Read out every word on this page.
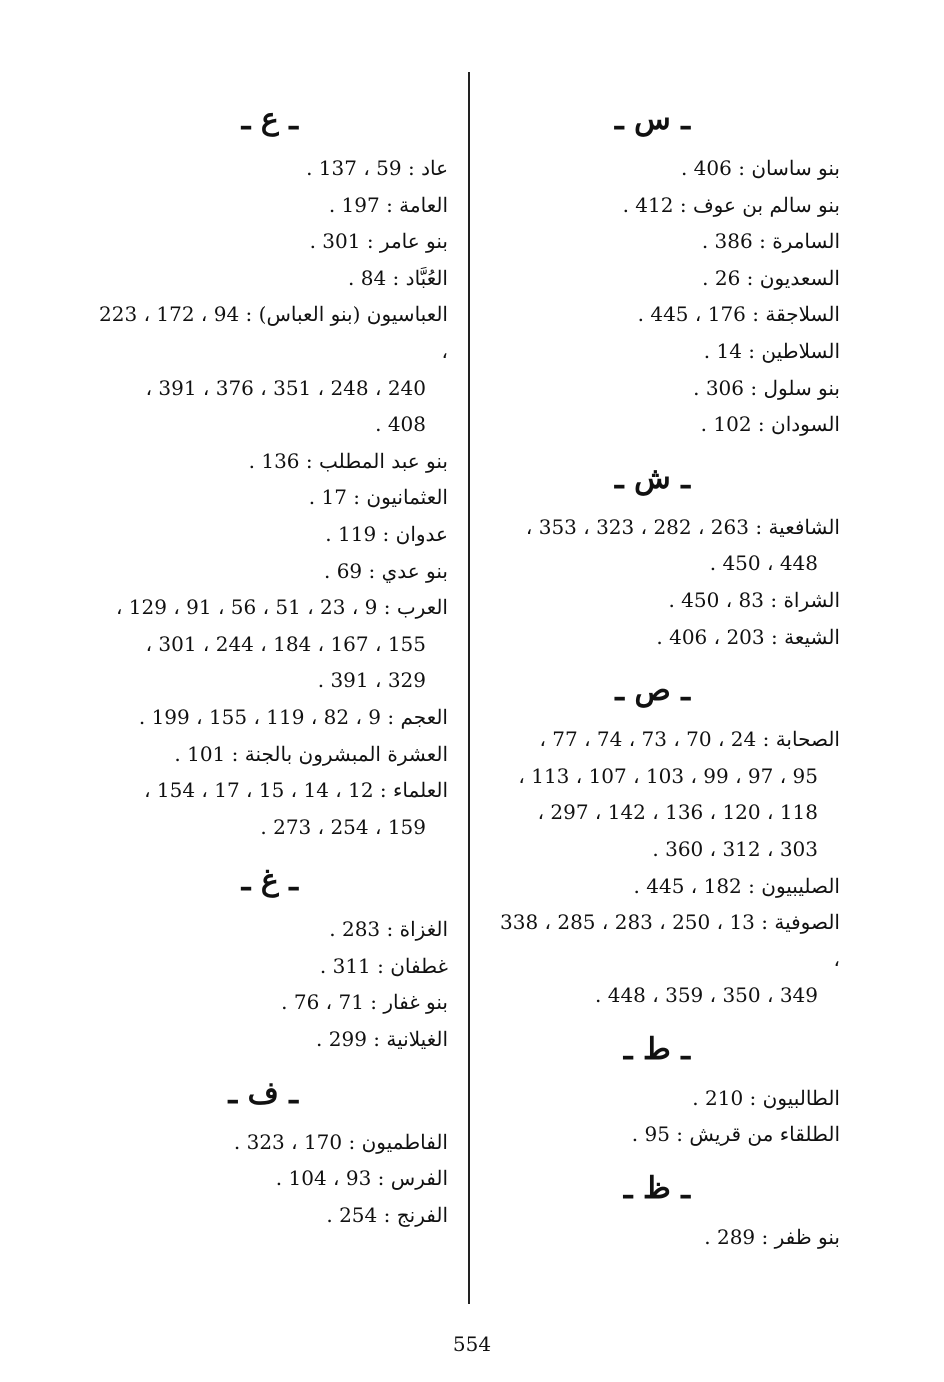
ـ س ـ
بنو ساسان : 406 .
بنو سالم بن عوف : 412 .
السامرة : 386 .
السعديون : 26 .
السلاجقة : 176 ، 445 .
السلاطين : 14 .
بنو سلول : 306 .
السودان : 102 .
ـ ش ـ
الشافعية : 263 ، 282 ، 323 ، 353 ،
448 ، 450 .
الشراة : 83 ، 450 .
الشيعة : 203 ، 406 .
ـ ص ـ
الصحابة : 24 ، 70 ، 73 ، 74 ، 77 ،
95 ، 97 ، 99 ، 103 ، 107 ، 113 ،
118 ، 120 ، 136 ، 142 ، 297 ،
303 ، 312 ، 360 .
الصليبيون : 182 ، 445 .
الصوفية : 13 ، 250 ، 283 ، 285 ، 338 ،
349 ، 350 ، 359 ، 448 .
ـ ط ـ
الطالبيون : 210 .
الطلقاء من قريش : 95 .
ـ ظ ـ
بنو ظفر : 289 .
ـ ع ـ
عاد : 59 ، 137 .
العامة : 197 .
بنو عامر : 301 .
العُبَّاد : 84 .
العباسيون (بنو العباس) : 94 ، 172 ، 223 ،
240 ، 248 ، 351 ، 376 ، 391 ،
408 .
بنو عبد المطلب : 136 .
العثمانيون : 17 .
عدوان : 119 .
بنو عدي : 69 .
العرب : 9 ، 23 ، 51 ، 56 ، 91 ، 129 ،
155 ، 167 ، 184 ، 244 ، 301 ،
329 ، 391 .
العجم : 9 ، 82 ، 119 ، 155 ، 199 .
العشرة المبشرون بالجنة : 101 .
العلماء : 12 ، 14 ، 15 ، 17 ، 154 ،
159 ، 254 ، 273 .
ـ غ ـ
الغزاة : 283 .
غطفان : 311 .
بنو غفار : 71 ، 76 .
الغيلانية : 299 .
ـ ف ـ
الفاطميون : 170 ، 323 .
الفرس : 93 ، 104 .
الفرنج : 254 .
554
